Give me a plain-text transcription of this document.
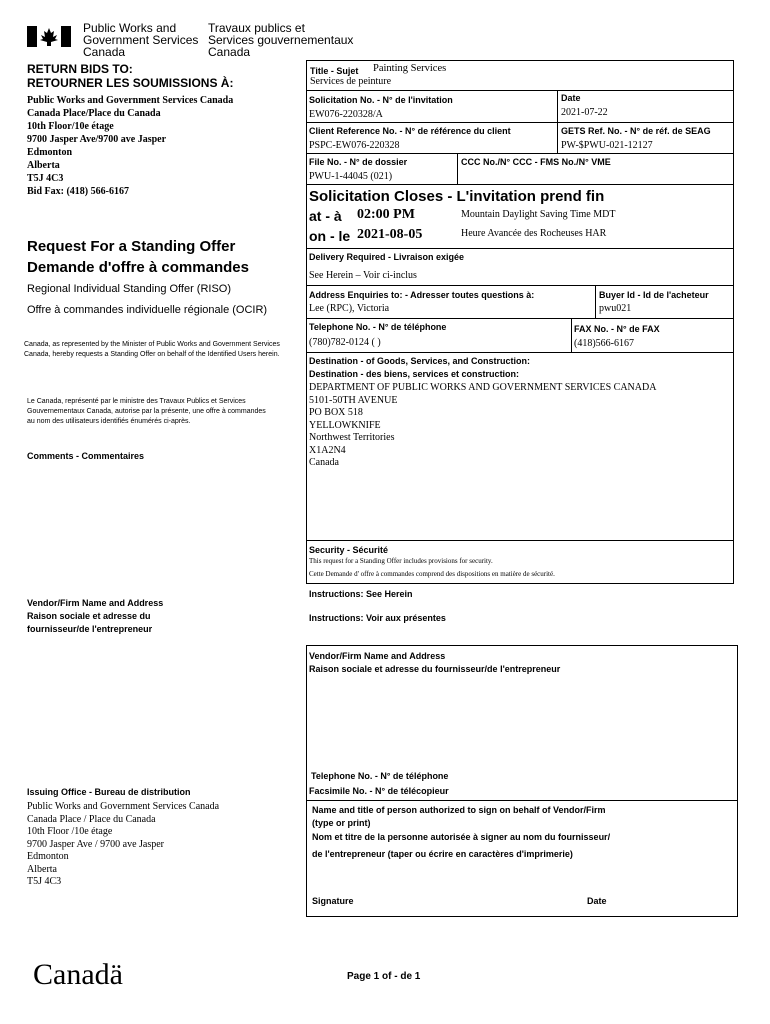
Public Works and
Government Services
Canada
Travaux publics et
Services gouvernementaux
Canada
RETURN BIDS TO:
RETOURNER LES SOUMISSIONS À:
Public Works and Government Services Canada
Canada Place/Place du Canada
10th Floor/10e étage
9700 Jasper Ave/9700 ave Jasper
Edmonton
Alberta
T5J 4C3
Bid Fax: (418) 566-6167
Request For a Standing Offer
Demande d'offre à commandes
Regional Individual Standing Offer (RISO)
Offre à commandes individuelle régionale (OCIR)
Canada, as represented by the Minister of Public Works and Government Services Canada, hereby requests a Standing Offer on behalf of the Identified Users herein.
Le Canada, représenté par le ministre des Travaux Publics et Services Gouvernementaux Canada, autorise par la présente, une offre à commandes au nom des utilisateurs identifiés énumérés ci-après.
Comments - Commentaires
Vendor/Firm Name and Address
Raison sociale et adresse du
fournisseur/de l'entrepreneur
Issuing Office - Bureau de distribution
Public Works and Government Services Canada
Canada Place / Place du Canada
10th Floor /10e étage
9700 Jasper Ave / 9700 ave Jasper
Edmonton
Alberta
T5J 4C3
Title - Sujet Painting Services
Services de peinture
Solicitation No. - N° de l'invitation
EW076-220328/A
Date
2021-07-22
Client Reference No. - N° de référence du client
PSPC-EW076-220328
GETS Ref. No. - N° de réf. de SEAG
PW-$PWU-021-12127
File No. - N° de dossier
PWU-1-44045 (021)
CCC No./N° CCC - FMS No./N° VME
Solicitation Closes - L'invitation prend fin
at - à 02:00 PM	Mountain Daylight Saving Time MDT
on - le 2021-08-05	Heure Avancée des Rocheuses HAR
Delivery Required - Livraison exigée
See Herein – Voir ci-inclus
Address Enquiries to: - Adresser toutes questions à:
Lee (RPC), Victoria
Buyer Id - Id de l'acheteur
pwu021
Telephone No. - N° de téléphone
(780)782-0124 ( )
FAX No. - N° de FAX
(418)566-6167
Destination - of Goods, Services, and Construction:
Destination - des biens, services et construction:
DEPARTMENT OF PUBLIC WORKS AND GOVERNMENT SERVICES CANADA
5101-50TH AVENUE
PO BOX 518
YELLOWKNIFE
Northwest Territories
X1A2N4
Canada
Security - Sécurité
This request for a Standing Offer includes provisions for security.
Cette Demande d' offre à commandes comprend des dispositions en matière de sécurité.
Instructions: See Herein
Instructions: Voir aux présentes
Vendor/Firm Name and Address
Raison sociale et adresse du fournisseur/de l'entrepreneur
Telephone No. - N° de téléphone
Facsimile No. - N° de télécopieur
Name and title of person authorized to sign on behalf of Vendor/Firm
(type or print)
Nom et titre de la personne autorisée à signer au nom du fournisseur/
de l'entrepreneur (taper ou écrire en caractères d'imprimerie)
Signature	Date
Canadä	Page 1 of - de 1
